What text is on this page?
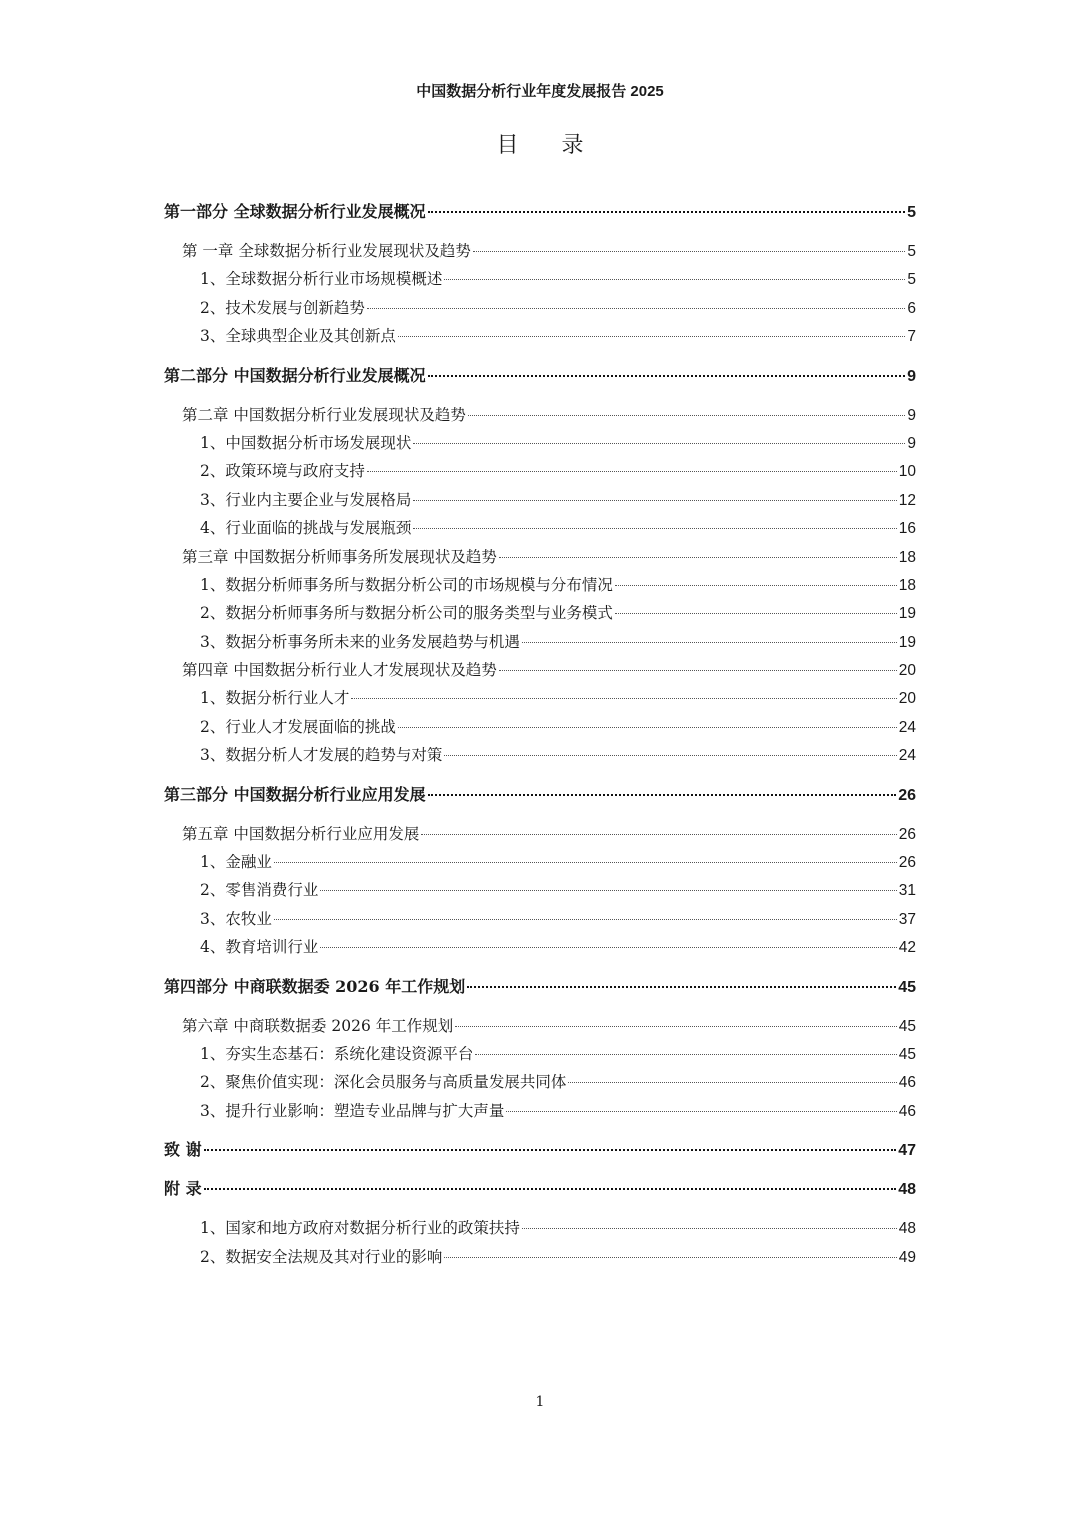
中国数据分析行业年度发展报告 2025
目 录
第一部分 全球数据分析行业发展概况	5
第 一章 全球数据分析行业发展现状及趋势	5
1、全球数据分析行业市场规模概述	5
2、技术发展与创新趋势	6
3、全球典型企业及其创新点	7
第二部分 中国数据分析行业发展概况	9
第二章 中国数据分析行业发展现状及趋势	9
1、中国数据分析市场发展现状	9
2、政策环境与政府支持	10
3、行业内主要企业与发展格局	12
4、行业面临的挑战与发展瓶颈	16
第三章 中国数据分析师事务所发展现状及趋势	18
1、数据分析师事务所与数据分析公司的市场规模与分布情况	18
2、数据分析师事务所与数据分析公司的服务类型与业务模式	19
3、数据分析事务所未来的业务发展趋势与机遇	19
第四章 中国数据分析行业人才发展现状及趋势	20
1、数据分析行业人才	20
2、行业人才发展面临的挑战	24
3、数据分析人才发展的趋势与对策	24
第三部分 中国数据分析行业应用发展	26
第五章 中国数据分析行业应用发展	26
1、金融业	26
2、零售消费行业	31
3、农牧业	37
4、教育培训行业	42
第四部分 中商联数据委 2026 年工作规划	45
第六章 中商联数据委 2026 年工作规划	45
1、夯实生态基石：系统化建设资源平台	45
2、聚焦价值实现：深化会员服务与高质量发展共同体	46
3、提升行业影响：塑造专业品牌与扩大声量	46
致 谢	47
附 录	48
1、国家和地方政府对数据分析行业的政策扶持	48
2、数据安全法规及其对行业的影响	49
1
